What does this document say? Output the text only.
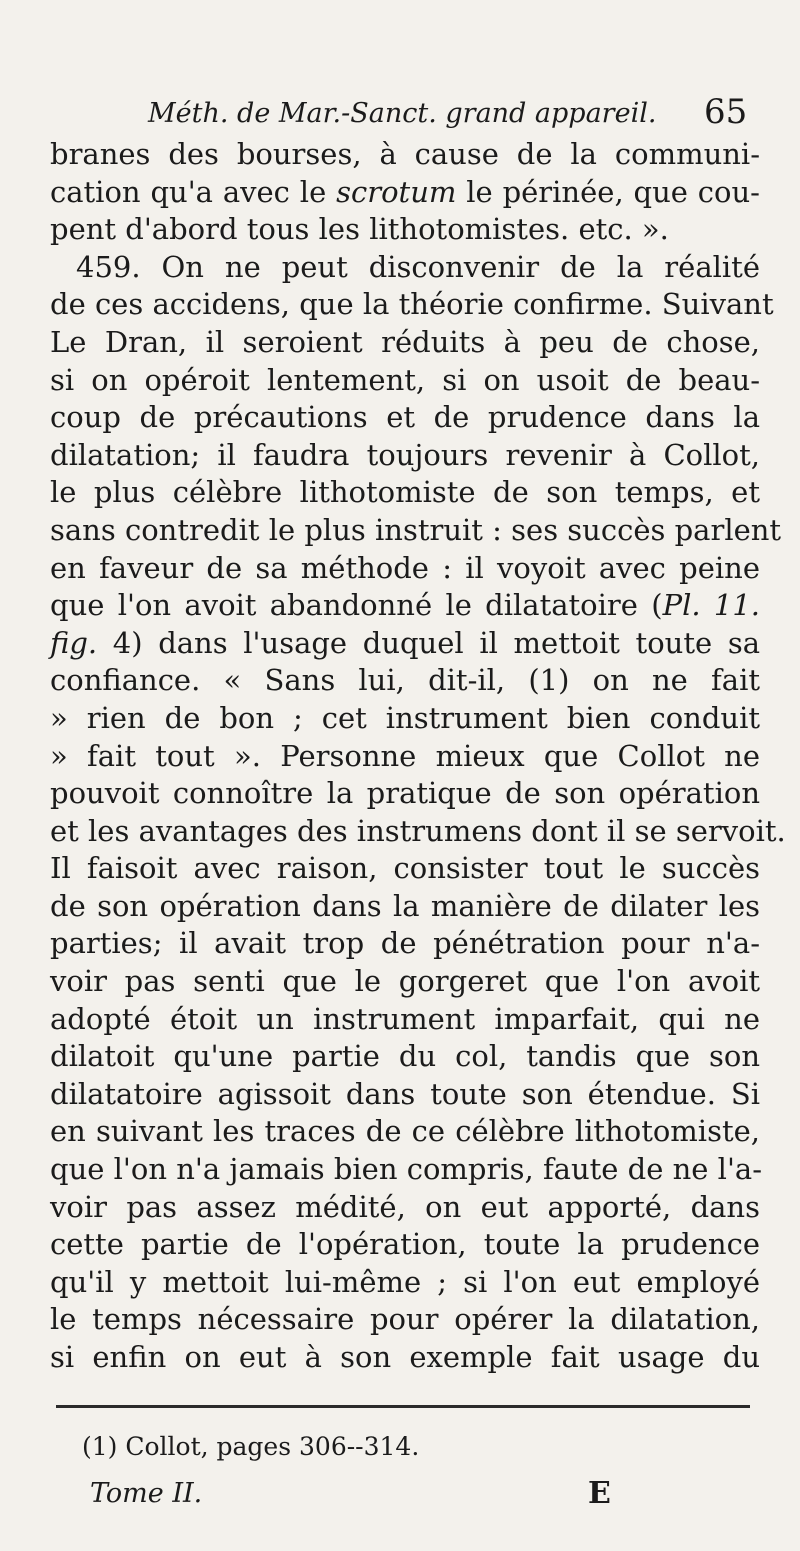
Méth. de Mar.-Sanct. grand appareil. 65
branes des bourses, à cause de la communi-
cation qu'a avec le scrotum le périnée, que cou-
pent d'abord tous les lithotomistes. etc. ».
459. On ne peut disconvenir de la réalité
de ces accidens, que la théorie confirme. Suivant
Le Dran, il seroient réduits à peu de chose,
si on opéroit lentement, si on usoit de beau-
coup de précautions et de prudence dans la
dilatation; il faudra toujours revenir à Collot,
le plus célèbre lithotomiste de son temps, et
sans contredit le plus instruit : ses succès parlent
en faveur de sa méthode : il voyoit avec peine
que l'on avoit abandonné le dilatatoire (Pl. 11.
fig. 4) dans l'usage duquel il mettoit toute sa
confiance. « Sans lui, dit-il, (1) on ne fait
» rien de bon ; cet instrument bien conduit
» fait tout ». Personne mieux que Collot ne
pouvoit connoître la pratique de son opération
et les avantages des instrumens dont il se servoit.
Il faisoit avec raison, consister tout le succès
de son opération dans la manière de dilater les
parties; il avait trop de pénétration pour n'a-
voir pas senti que le gorgeret que l'on avoit
adopté étoit un instrument imparfait, qui ne
dilatoit qu'une partie du col, tandis que son
dilatatoire agissoit dans toute son étendue. Si
en suivant les traces de ce célèbre lithotomiste,
que l'on n'a jamais bien compris, faute de ne l'a-
voir pas assez médité, on eut apporté, dans
cette partie de l'opération, toute la prudence
qu'il y mettoit lui-même ; si l'on eut employé
le temps nécessaire pour opérer la dilatation,
si enfin on eut à son exemple fait usage du
(1) Collot, pages 306--314.
Tome II.	E
